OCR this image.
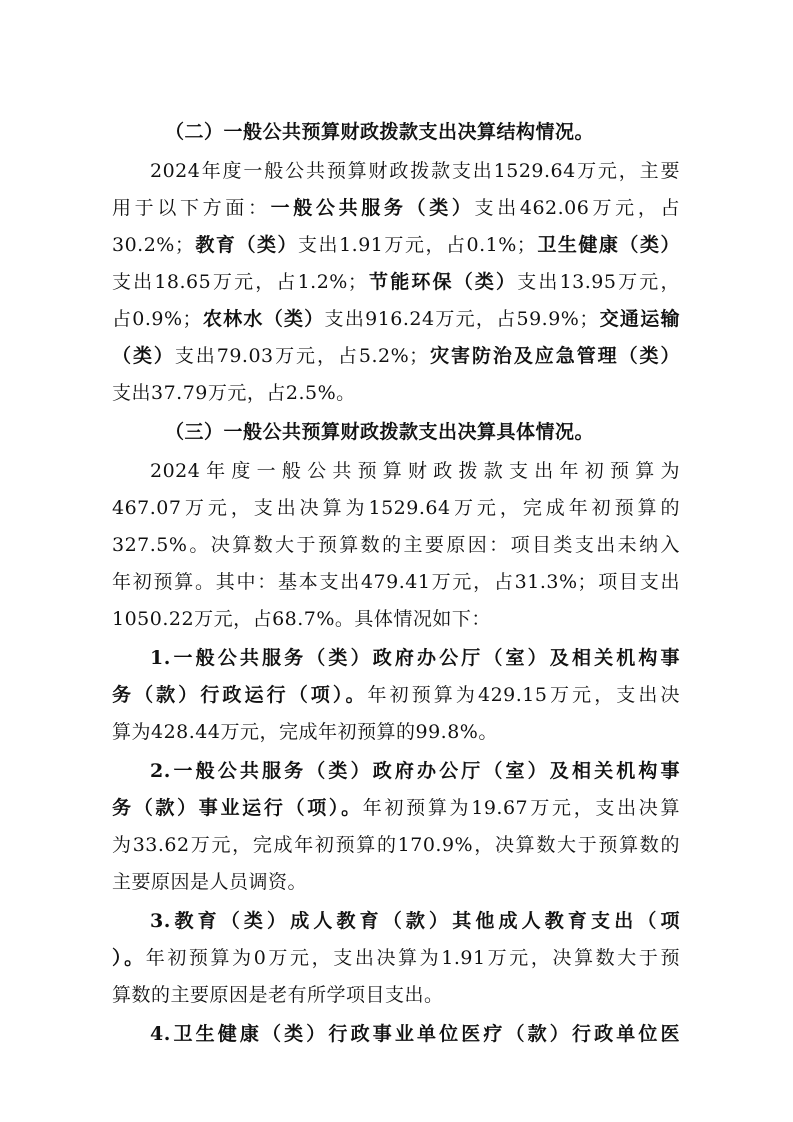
（二）一般公共预算财政拨款支出决算结构情况。
2024年度一般公共预算财政拨款支出1529.64万元，主要
用于以下方面：一般公共服务（类）支出462.06万元，占
30.2%；教育（类）支出1.91万元，占0.1%；卫生健康（类）
支出18.65万元，占1.2%；节能环保（类）支出13.95万元，
占0.9%；农林水（类）支出916.24万元，占59.9%；交通运输
（类）支出79.03万元，占5.2%；灾害防治及应急管理（类）
支出37.79万元，占2.5%。
（三）一般公共预算财政拨款支出决算具体情况。
2024年度一般公共预算财政拨款支出年初预算为
467.07万元，支出决算为1529.64万元，完成年初预算的
327.5%。决算数大于预算数的主要原因：项目类支出未纳入
年初预算。其中：基本支出479.41万元，占31.3%；项目支出
1050.22万元，占68.7%。具体情况如下：
1.一般公共服务（类）政府办公厅（室）及相关机构事
务（款）行政运行（项）。年初预算为429.15万元，支出决
算为428.44万元，完成年初预算的99.8%。
2.一般公共服务（类）政府办公厅（室）及相关机构事
务（款）事业运行（项）。年初预算为19.67万元，支出决算
为33.62万元，完成年初预算的170.9%，决算数大于预算数的
主要原因是人员调资。
3.教育（类）成人教育（款）其他成人教育支出（项
）。年初预算为0万元，支出决算为1.91万元，决算数大于预
算数的主要原因是老有所学项目支出。
4.卫生健康（类）行政事业单位医疗（款）行政单位医
